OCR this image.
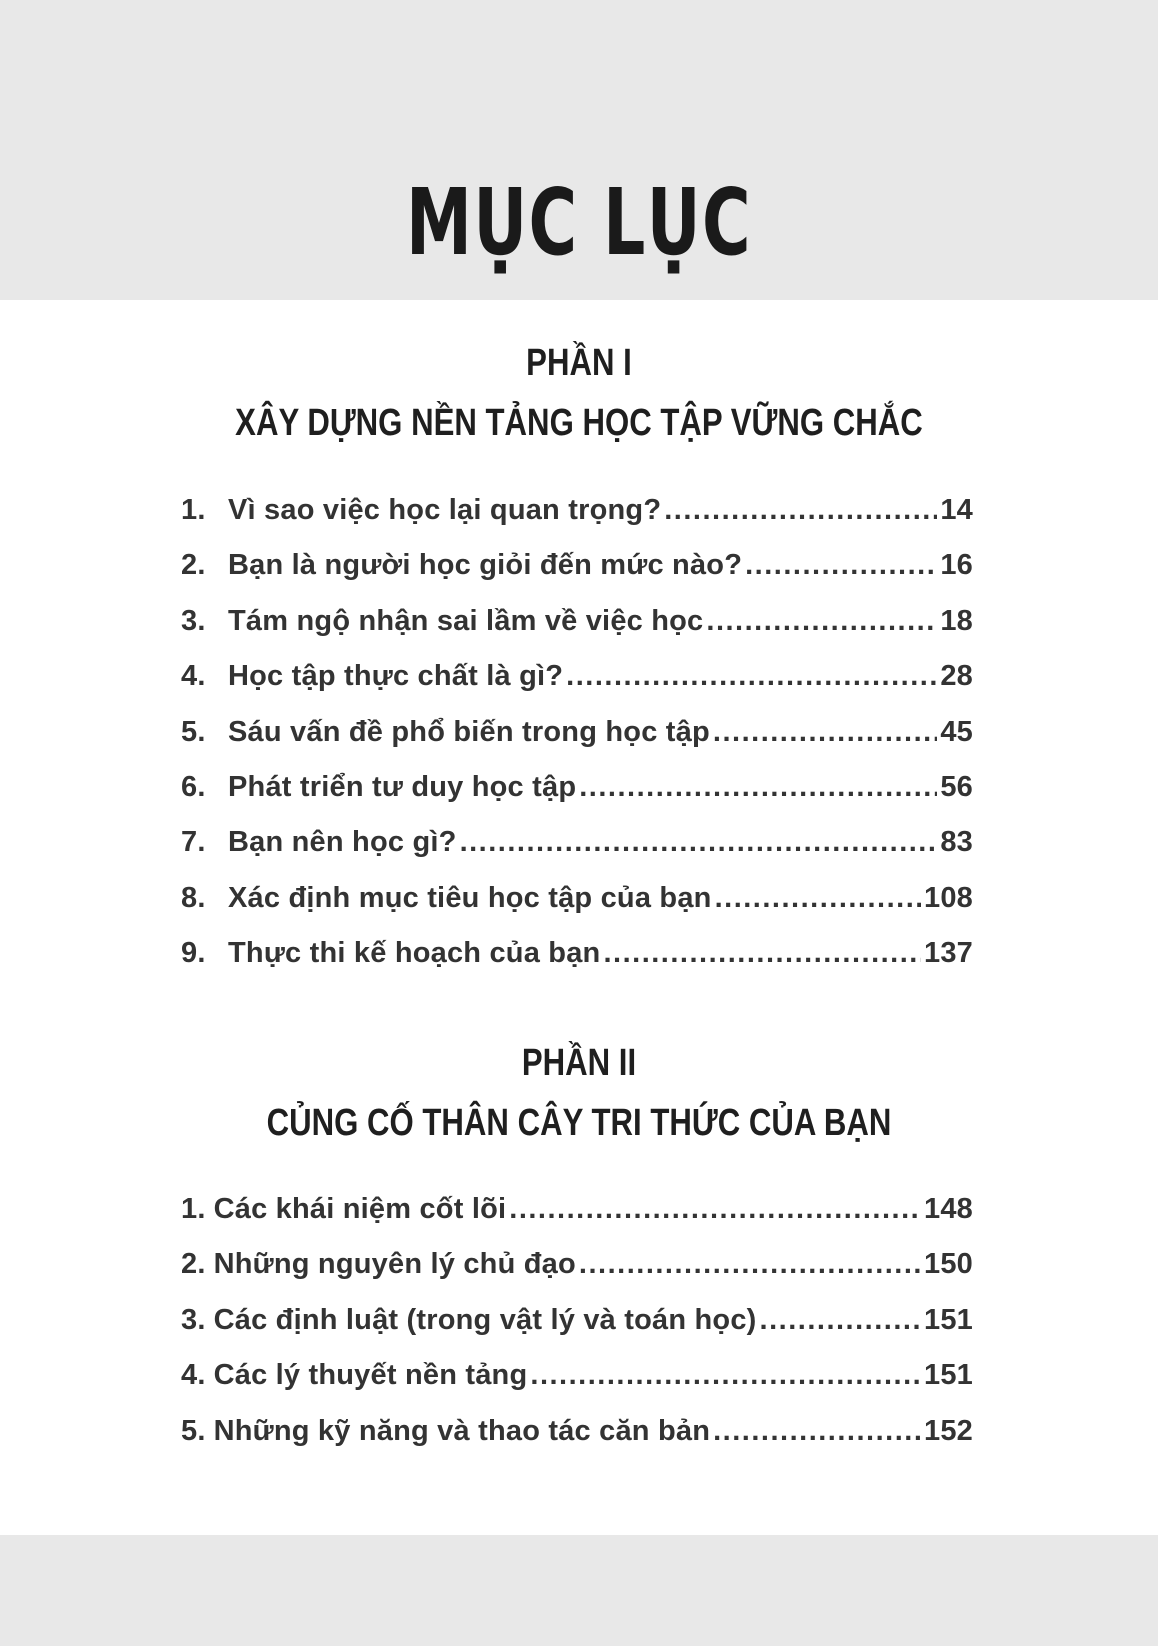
MỤC LỤC
PHẦN I
XÂY DỰNG NỀN TẢNG HỌC TẬP VỮNG CHẮC
1. Vì sao việc học lại quan trọng? .....	14
2. Bạn là người học giỏi đến mức nào? .....	16
3. Tám ngộ nhận sai lầm về việc học .....	18
4. Học tập thực chất là gì? .....	28
5. Sáu vấn đề phổ biến trong học tập .....	45
6. Phát triển tư duy học tập .....	56
7. Bạn nên học gì? .....	83
8. Xác định mục tiêu học tập của bạn .....	108
9. Thực thi kế hoạch của bạn .....	137
PHẦN II
CỦNG CỐ THÂN CÂY TRI THỨC CỦA BẠN
1. Các khái niệm cốt lõi .....	148
2. Những nguyên lý chủ đạo .....	150
3. Các định luật (trong vật lý và toán học) .....	151
4. Các lý thuyết nền tảng .....	151
5. Những kỹ năng và thao tác căn bản .....	152
